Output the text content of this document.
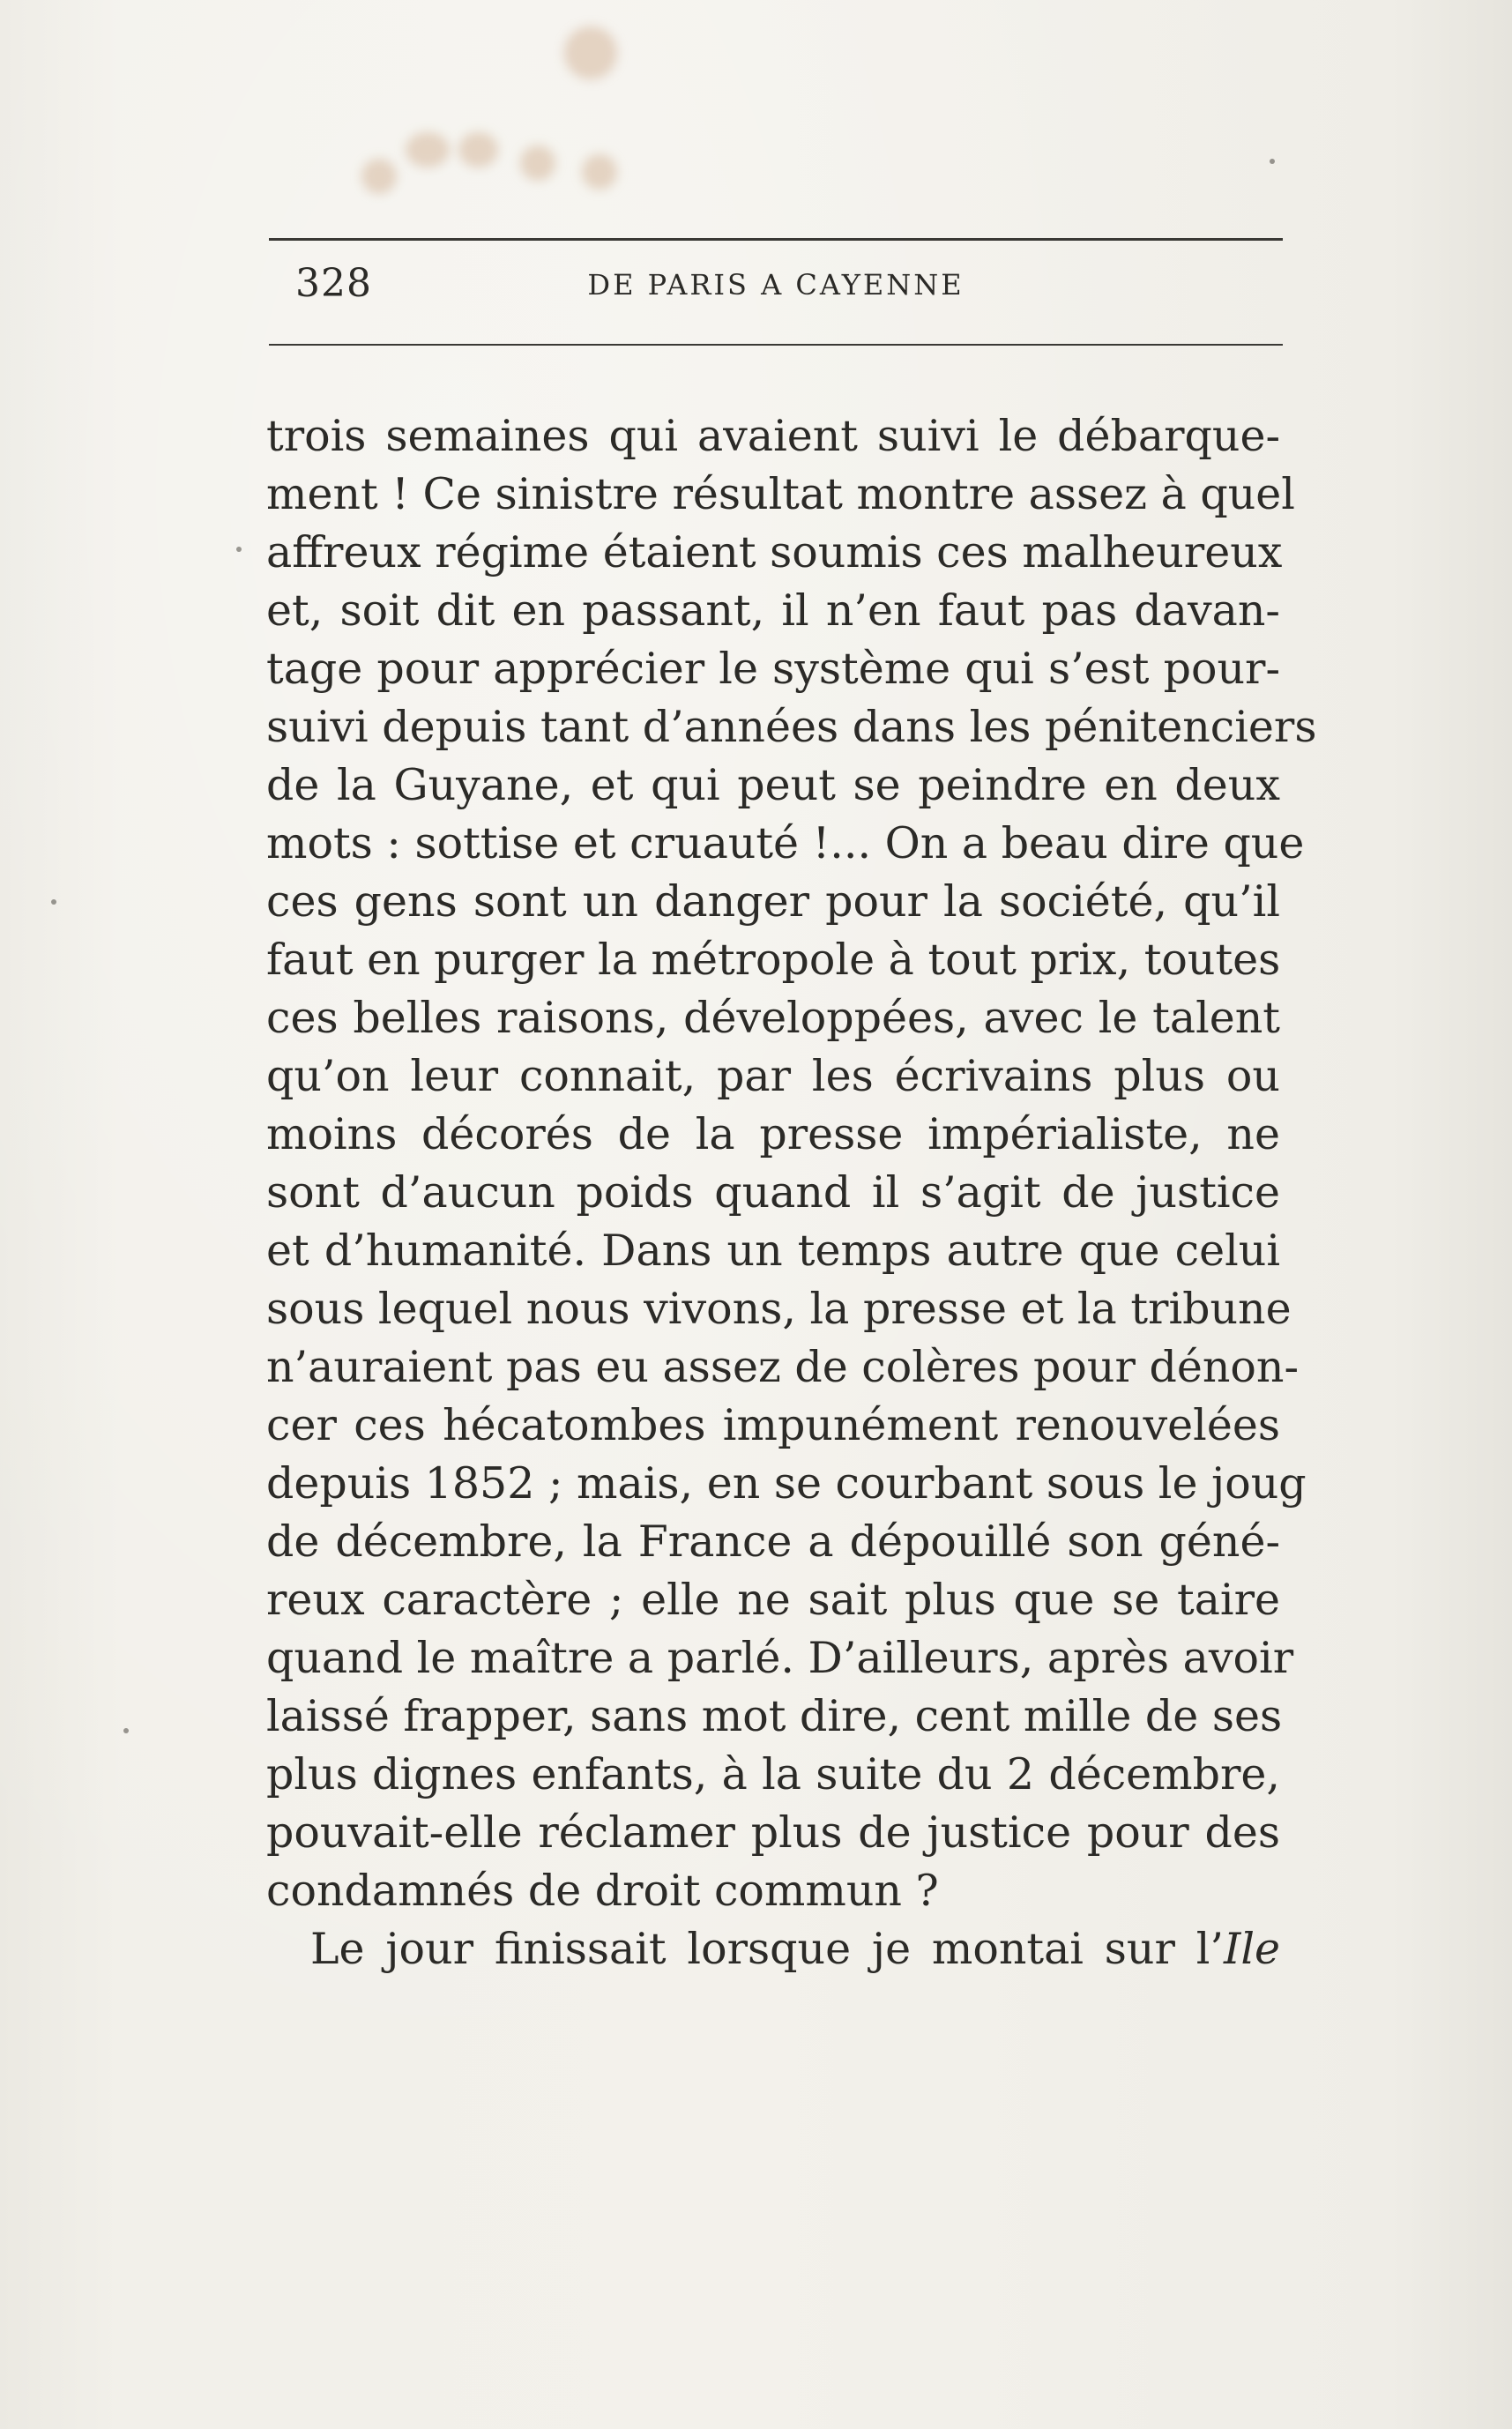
328	DE PARIS A CAYENNE
trois semaines qui avaient suivi le débarque-
ment ! Ce sinistre résultat montre assez à quel
affreux régime étaient soumis ces malheureux
et, soit dit en passant, il n’en faut pas davan-
tage pour apprécier le système qui s’est pour-
suivi depuis tant d’années dans les pénitenciers
de la Guyane, et qui peut se peindre en deux
mots : sottise et cruauté !... On a beau dire que
ces gens sont un danger pour la société, qu’il
faut en purger la métropole à tout prix, toutes
ces belles raisons, développées, avec le talent
qu’on leur connait, par les écrivains plus ou
moins décorés de la presse impérialiste, ne
sont d’aucun poids quand il s’agit de justice
et d’humanité. Dans un temps autre que celui
sous lequel nous vivons, la presse et la tribune
n’auraient pas eu assez de colères pour dénon-
cer ces hécatombes impunément renouvelées
depuis 1852 ; mais, en se courbant sous le joug
de décembre, la France a dépouillé son géné-
reux caractère ; elle ne sait plus que se taire
quand le maître a parlé. D’ailleurs, après avoir
laissé frapper, sans mot dire, cent mille de ses
plus dignes enfants, à la suite du 2 décembre,
pouvait-elle réclamer plus de justice pour des
condamnés de droit commun ?
Le jour finissait lorsque je montai sur l’Ile
